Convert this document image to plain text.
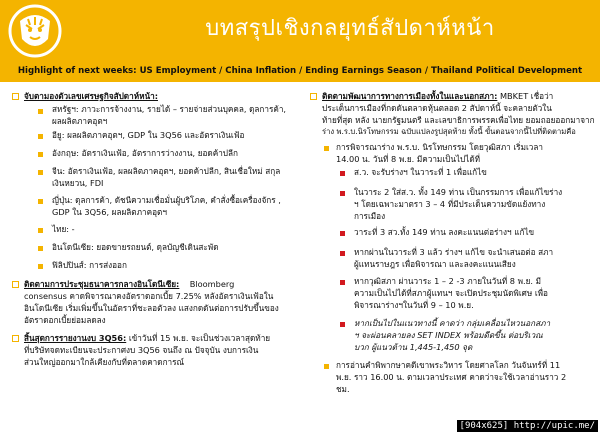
บทสรุปเชิงกลยุทธ์สัปดาห์หน้า
Highlight of next weeks: US Employment / China Inflation / Ending Earnings Season / Thailand Political Development
จับตามองตัวเลขเศรษฐกิจสัปดาห์หน้า:
สหรัฐฯ: ภาวะการจ้างงาน, รายได้ – รายจ่ายส่วนบุคคล, ดุลการค้า, ผลผลิตภาคอุตฯ
อียู: ผลผลิตภาคอุตฯ, GDP ใน 3Q56 และอัตราเงินเฟ้อ
อังกฤษ: อัตราเงินเฟ้อ, อัตราการว่างงาน, ยอดค้าปลีก
จีน: อัตราเงินเฟ้อ, ผลผลิตภาคอุตฯ, ยอดค้าปลีก, สินเชื่อใหม่ สกุลเงินหยวน, FDI
ญี่ปุ่น: ดุลการค้า, ดัชนีความเชื่อมั่นผู้บริโภค, คำสั่งซื้อเครื่องจักร , GDP ใน 3Q56, ผลผลิตภาคอุตฯ
ไทย: -
อินโดนีเซีย: ยอดขายรถยนต์, ดุลบัญชีเดินสะพัด
ฟิลิปปินส์: การส่งออก
ติดตามการประชุมธนาคารกลางอินโดนีเซีย: Bloomberg
consensus คาดพิจารณาคงอัตราดอกเบี้ย 7.25% หลังอัตราเงินเฟ้อใน
อินโดนีเซีย เริ่มเพิ่มขึ้นในอัตราที่ชะลอตัวลง แสงกดดันต่อการปรับขึ้นของ
อัตราดอกเบี้ยย่อมลดลง
สิ้นสุดการรายงานงบ 3Q56: เข้าวันที่ 15 พ.ย. จะเป็นช่วงเวลาสุดท้าย
ที่บริษัทจดทะเบียนจะประกาศงบ 3Q56 จนถึง ณ ปัจจุบัน งบการเงิน
ส่วนใหญ่ออกมาใกล้เคียงกับที่ตลาดคาดการณ์
ติดตามพัฒนาการทางการเมืองทั้งในและนอกสภา: MBKET เชื่อว่า
ประเด็นการเมืองที่กดดันตลาดหุ้นตลอด 2 สัปดาห์นี้ จะคลายตัวใน
ท้ายที่สุด หลัง นายกรัฐมนตรี และเลขาธิการพรรคเพื่อไทย ยอมถอยออกมาจาก
ร่าง พ.ร.บ.นิรโทษกรรม ฉบับแปลงรูปสุดท้าย ทั้งนี้ ขั้นตอนจากนี้ไปที่ติดตามคือ
การพิจารณาร่าง พ.ร.บ. นิรโทษกรรม โดยวุฒิสภา เริ่มเวลา
14.00 น. วันที่ 8 พ.ย. มีความเป็นไปได้ที่
ส.ว. จะรับร่างฯ ในวาระที่ 1 เพื่อแก้ไข
ในวาระ 2 ใส่ส.ว. ทั้ง 149 ท่าน เป็นกรรมการ เพื่อแก้ไขร่าง
ฯ โดยเฉพาะมาตรา 3 – 4 ที่มีประเด็นความขัดแย้งทาง
การเมือง
วาระที่ 3 สว.ทั้ง 149 ท่าน ลงคะแนนต่อร่างฯ แก้ไข
หากผ่านในวาระที่ 3 แล้ว ร่างฯ แก้ไข จะนำเสนอต่อ สภา
ผู้แทนราษฎร เพื่อพิจารณา และลงคะแนนเสียง
หากวุฒิสภา ผ่านวาระ 1 – 2 -3 ภายในวันที่ 8 พ.ย. มี
ความเป็นไปได้ที่สภาผู้แทนฯ จะเปิดประชุมนัดพิเศษ เพื่อ
พิจารณาร่างฯในวันที่ 9 – 10 พ.ย.
หากเป็นไปในแนวทางนี้ คาดว่า กลุ่มเคลื่อนไหวนอกสภา
ฯ จะผ่อนคลายลง SET INDEX พร้อมดีดขึ้น ต่อบริเวณ
บวก ผู้แนวต้าน 1,445-1,450 จุด
การอ่านคำพิพากษาคดีเขาพระวิหาร โดยศาลโลก วันจันทร์ที่ 11
พ.ย. ราว 16.00 น. ตามเวลาประเทศ คาดว่าจะใช้เวลาอ่านราว 2
ชม.
[904x625] http://upic.me/
